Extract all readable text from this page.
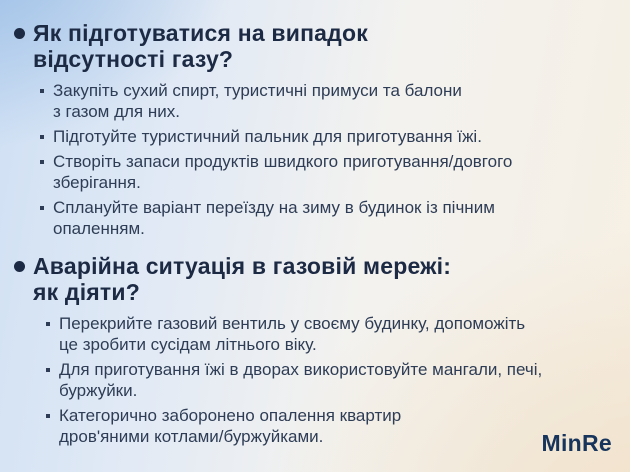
Як підготуватися на випадок
відсутності газу?
Закупіть сухий спирт, туристичні примуси та балони
з газом для них.
Підготуйте туристичний пальник для приготування їжі.
Створіть запаси продуктів швидкого приготування/довгого
зберігання.
Сплануйте варіант переїзду на зиму в будинок із пічним
опаленням.
Аварійна ситуація в газовій мережі:
як діяти?
Перекрийте газовий вентиль у своєму будинку, допоможіть
це зробити сусідам літнього віку.
Для приготування їжі в дворах використовуйте мангали, печі,
буржуйки.
Категорично заборонено опалення квартир
дров'яними котлами/буржуйками.	MinRe
